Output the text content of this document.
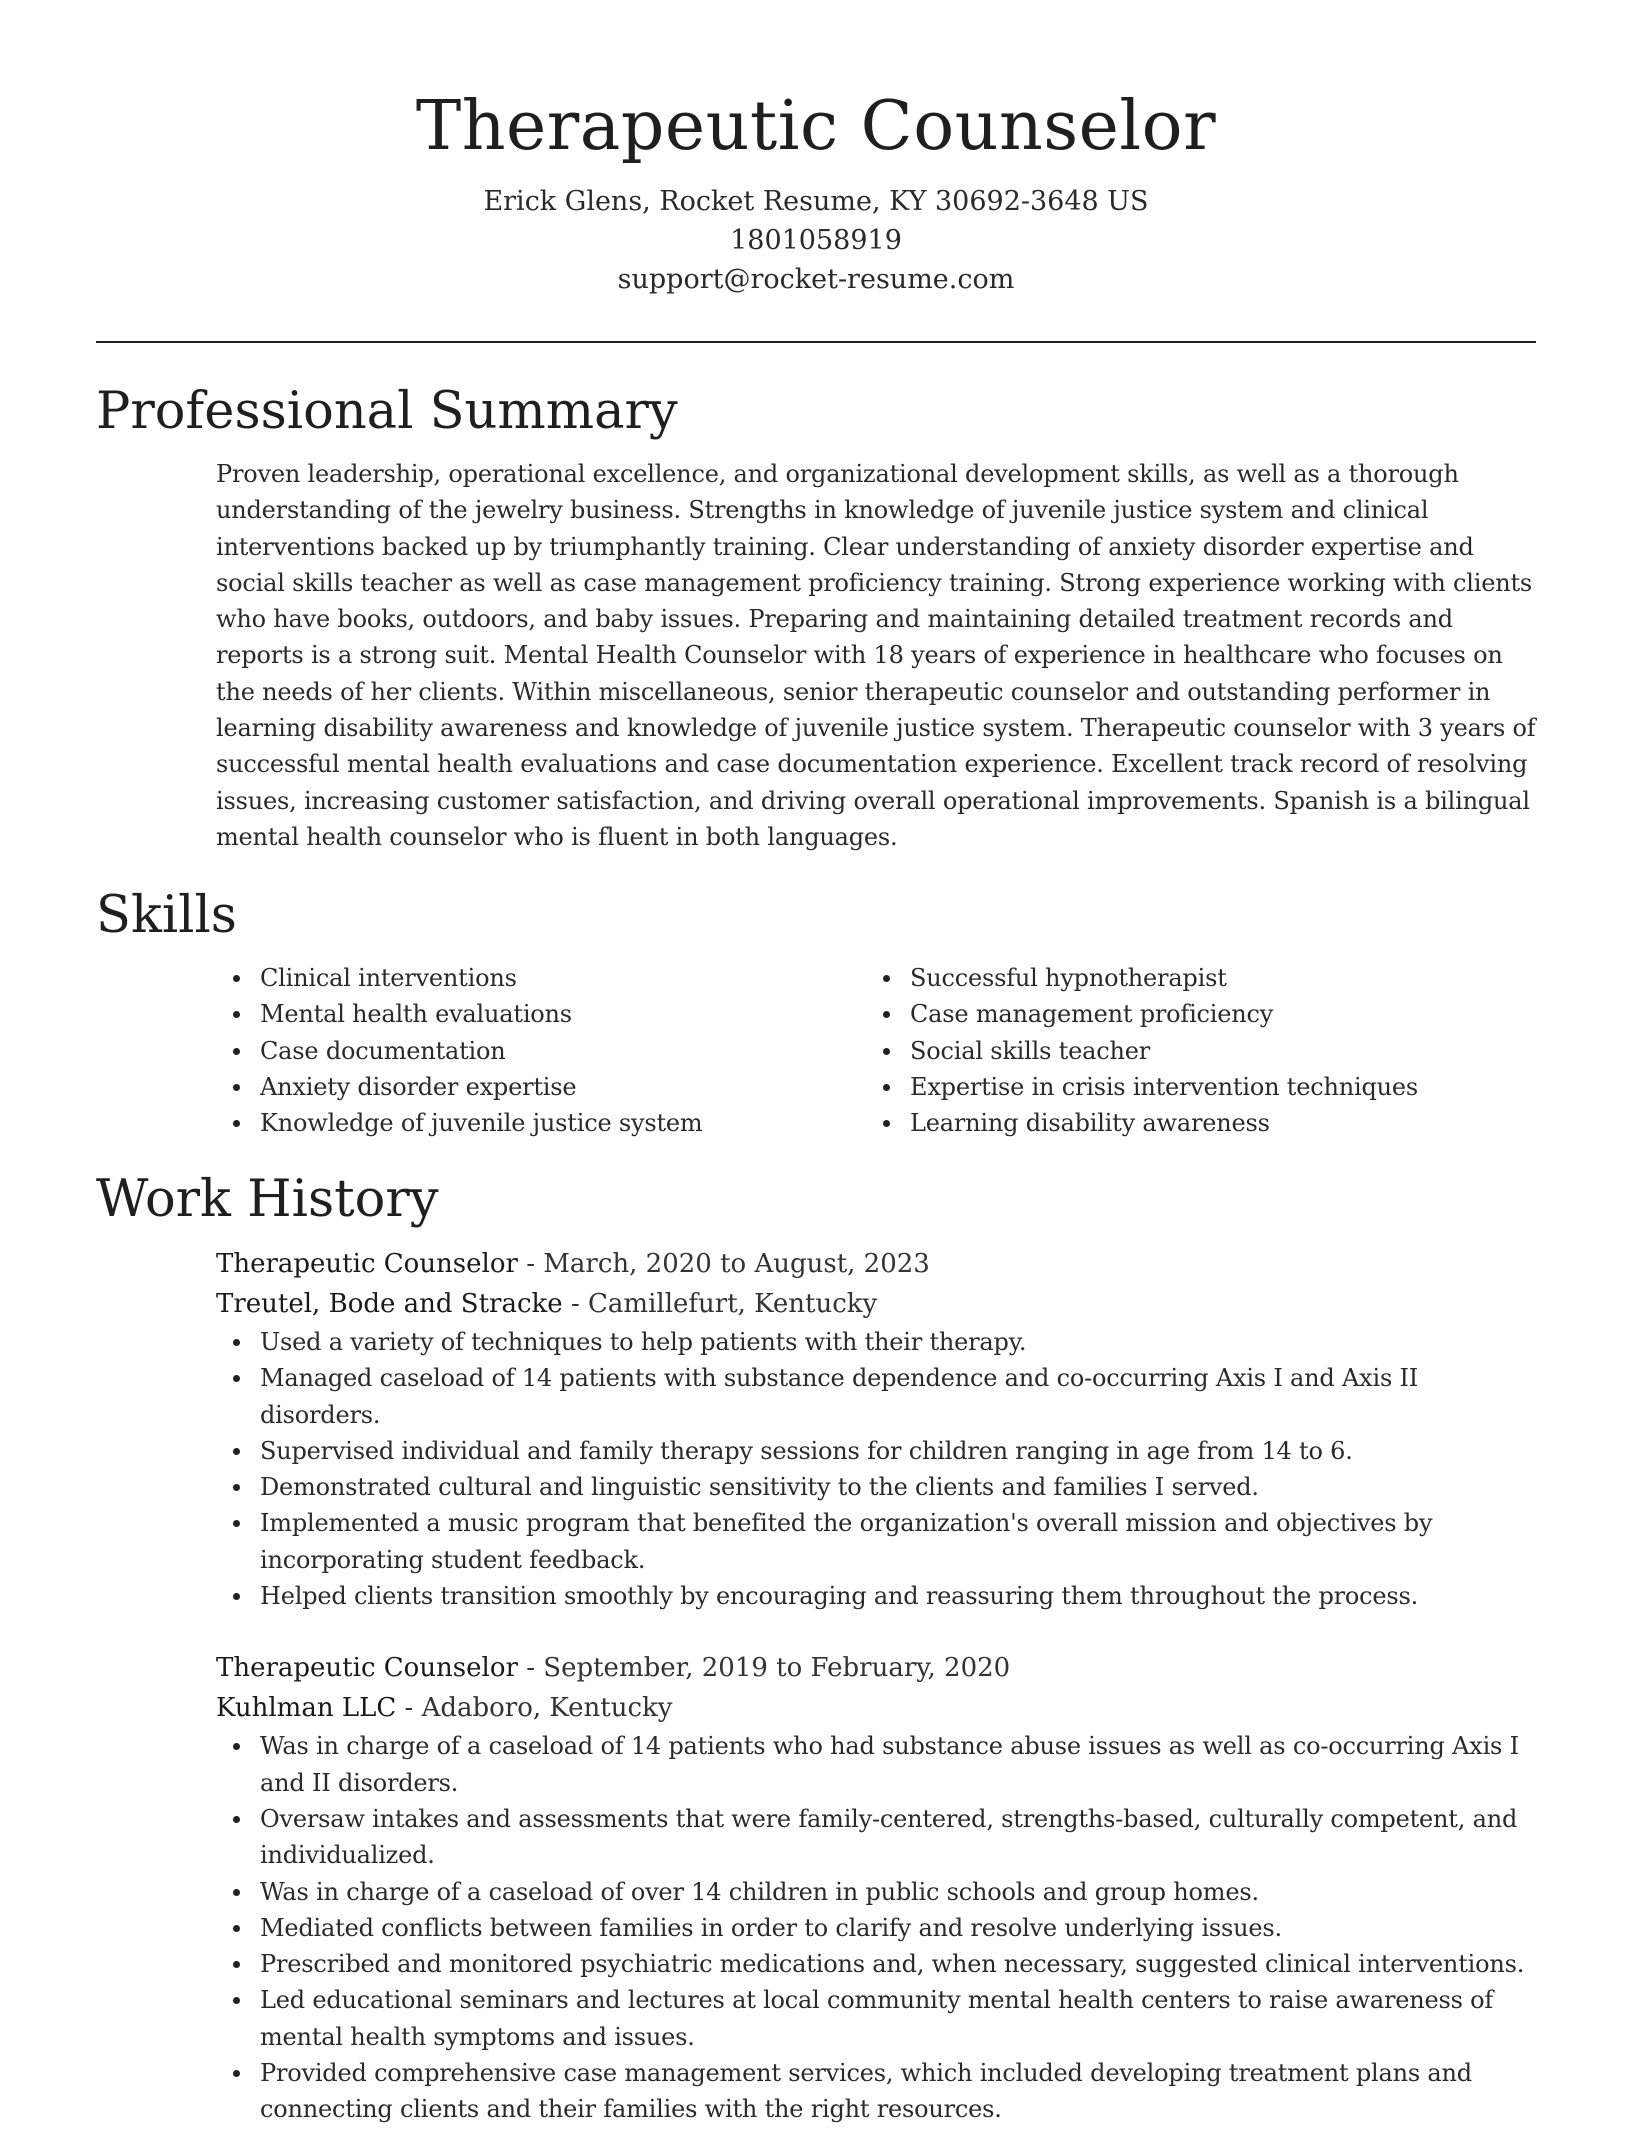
Therapeutic Counselor

Erick Glens, Rocket Resume, KY 30692-3648 US

1801058919

support@rocket-resume.com

Professional Summary

Proven leadership, operational excellence, and organizational development skills, as well as a thorough understanding of the jewelry business. Strengths in knowledge of juvenile justice system and clinical interventions backed up by triumphantly training. Clear understanding of anxiety disorder expertise and social skills teacher as well as case management proficiency training. Strong experience working with clients who have books, outdoors, and baby issues. Preparing and maintaining detailed treatment records and reports is a strong suit. Mental Health Counselor with 18 years of experience in healthcare who focuses on the needs of her clients. Within miscellaneous, senior therapeutic counselor and outstanding performer in learning disability awareness and knowledge of juvenile justice system. Therapeutic counselor with 3 years of successful mental health evaluations and case documentation experience. Excellent track record of resolving issues, increasing customer satisfaction, and driving overall operational improvements. Spanish is a bilingual mental health counselor who is fluent in both languages.

Skills
Clinical interventions
Mental health evaluations
Case documentation
Anxiety disorder expertise
Knowledge of juvenile justice system
Successful hypnotherapist
Case management proficiency
Social skills teacher
Expertise in crisis intervention techniques
Learning disability awareness
Work History

Therapeutic Counselor - March, 2020 to August, 2023

Treutel, Bode and Stracke - Camillefurt, Kentucky

Used a variety of techniques to help patients with their therapy.
Managed caseload of 14 patients with substance dependence and co-occurring Axis I and Axis II disorders.
Supervised individual and family therapy sessions for children ranging in age from 14 to 6.
Demonstrated cultural and linguistic sensitivity to the clients and families I served.
Implemented a music program that benefited the organization's overall mission and objectives by incorporating student feedback.
Helped clients transition smoothly by encouraging and reassuring them throughout the process.

Therapeutic Counselor - September, 2019 to February, 2020

Kuhlman LLC - Adaboro, Kentucky

Was in charge of a caseload of 14 patients who had substance abuse issues as well as co-occurring Axis I and II disorders.
Oversaw intakes and assessments that were family-centered, strengths-based, culturally competent, and individualized.
Was in charge of a caseload of over 14 children in public schools and group homes.
Mediated conflicts between families in order to clarify and resolve underlying issues.
Prescribed and monitored psychiatric medications and, when necessary, suggested clinical interventions.
Led educational seminars and lectures at local community mental health centers to raise awareness of mental health symptoms and issues.
Provided comprehensive case management services, which included developing treatment plans and connecting clients and their families with the right resources.
